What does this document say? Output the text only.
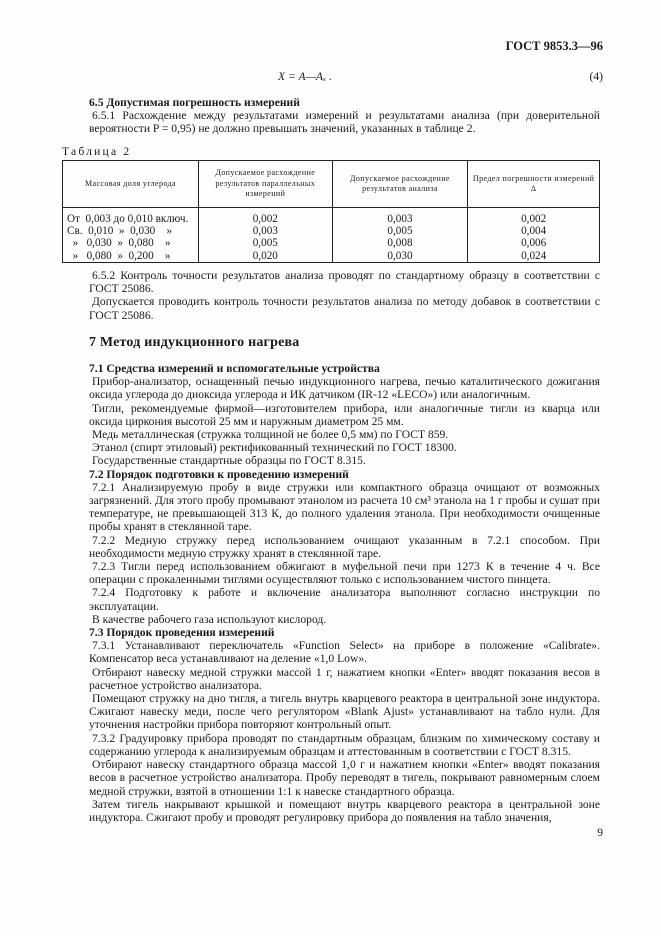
ГОСТ 9853.3—96
X = A—Aₓ .	(4)

6.5 Допустимая погрешность измерений

6.5.1 Расхождение между результатами измерений и результатами анализа (при доверительной вероятности P = 0,95) не должно превышать значений, указанных в таблице 2.

Таблица 2
Массовая доля углерода	Допускаемое расхождение результатов параллельных измерений	Допускаемое расхождение результатов анализа	Предел погрешности измерений Δ
От  0,003 до 0,010 включ.	0,002	0,003	0,002
Св.  0,010  »  0,030    »	0,003	0,005	0,004
»   0,030  »  0,080    »	0,005	0,008	0,006
»   0,080  »  0,200    »	0,020	0,030	0,024

6.5.2 Контроль точности результатов анализа проводят по стандартному образцу в соответствии с ГОСТ 25086.

Допускается проводить контроль точности результатов анализа по методу добавок в соответствии с ГОСТ 25086.

7 Метод индукционного нагрева

7.1 Средства измерений и вспомогательные устройства

Прибор-анализатор, оснащенный печью индукционного нагрева, печью каталитического дожигания оксида углерода до диоксида углерода и ИК датчиком (IR-12 «LECO») или аналогичным.

Тигли, рекомендуемые фирмой—изготовителем прибора, или аналогичные тигли из кварца или оксида циркония высотой 25 мм и наружным диаметром 25 мм.

Медь металлическая (стружка толщиной не более 0,5 мм) по ГОСТ 859.

Этанол (спирт этиловый) ректификованный технический по ГОСТ 18300.

Государственные стандартные образцы по ГОСТ 8.315.

7.2 Порядок подготовки к проведению измерений

7.2.1 Анализируемую пробу в виде стружки или компактного образца очищают от возможных загрязнений. Для этого пробу промывают этанолом из расчета 10 см³ этанола на 1 г пробы и сушат при температуре, не превышающей 313 К, до полного удаления этанола. При необходимости очищенные пробы хранят в стеклянной таре.

7.2.2 Медную стружку перед использованием очищают указанным в 7.2.1 способом. При необходимости медную стружку хранят в стеклянной таре.

7.2.3 Тигли перед использованием обжигают в муфельной печи при 1273 К в течение 4 ч. Все операции с прокаленными тиглями осуществляют только с использованием чистого пинцета.

7.2.4 Подготовку к работе и включение анализатора выполняют согласно инструкции по эксплуатации.

В качестве рабочего газа используют кислород.

7.3 Порядок проведения измерений

7.3.1 Устанавливают переключатель «Function Select» на приборе в положение «Calibrate». Компенсатор веса устанавливают на деление «1,0 Low».

Отбирают навеску медной стружки массой 1 г, нажатием кнопки «Enter» вводят показания весов в расчетное устройство анализатора.

Помещают стружку на дно тигля, а тигель внутрь кварцевого реактора в центральной зоне индуктора. Сжигают навеску меди, после чего регулятором «Blank Ajust» устанавливают на табло нули. Для уточнения настройки прибора повторяют контрольный опыт.

7.3.2 Градуировку прибора проводят по стандартным образцам, близким по химическому составу и содержанию углерода к анализируемым образцам и аттестованным в соответствии с ГОСТ 8.315.

Отбирают навеску стандартного образца массой 1,0 г и нажатием кнопки «Enter» вводят показания весов в расчетное устройство анализатора. Пробу переводят в тигель, покрывают равномерным слоем медной стружки, взятой в отношении 1:1 к навеске стандартного образца.

Затем тигель накрывают крышкой и помещают внутрь кварцевого реактора в центральной зоне индуктора. Сжигают пробу и проводят регулировку прибора до появления на табло значения,

9
